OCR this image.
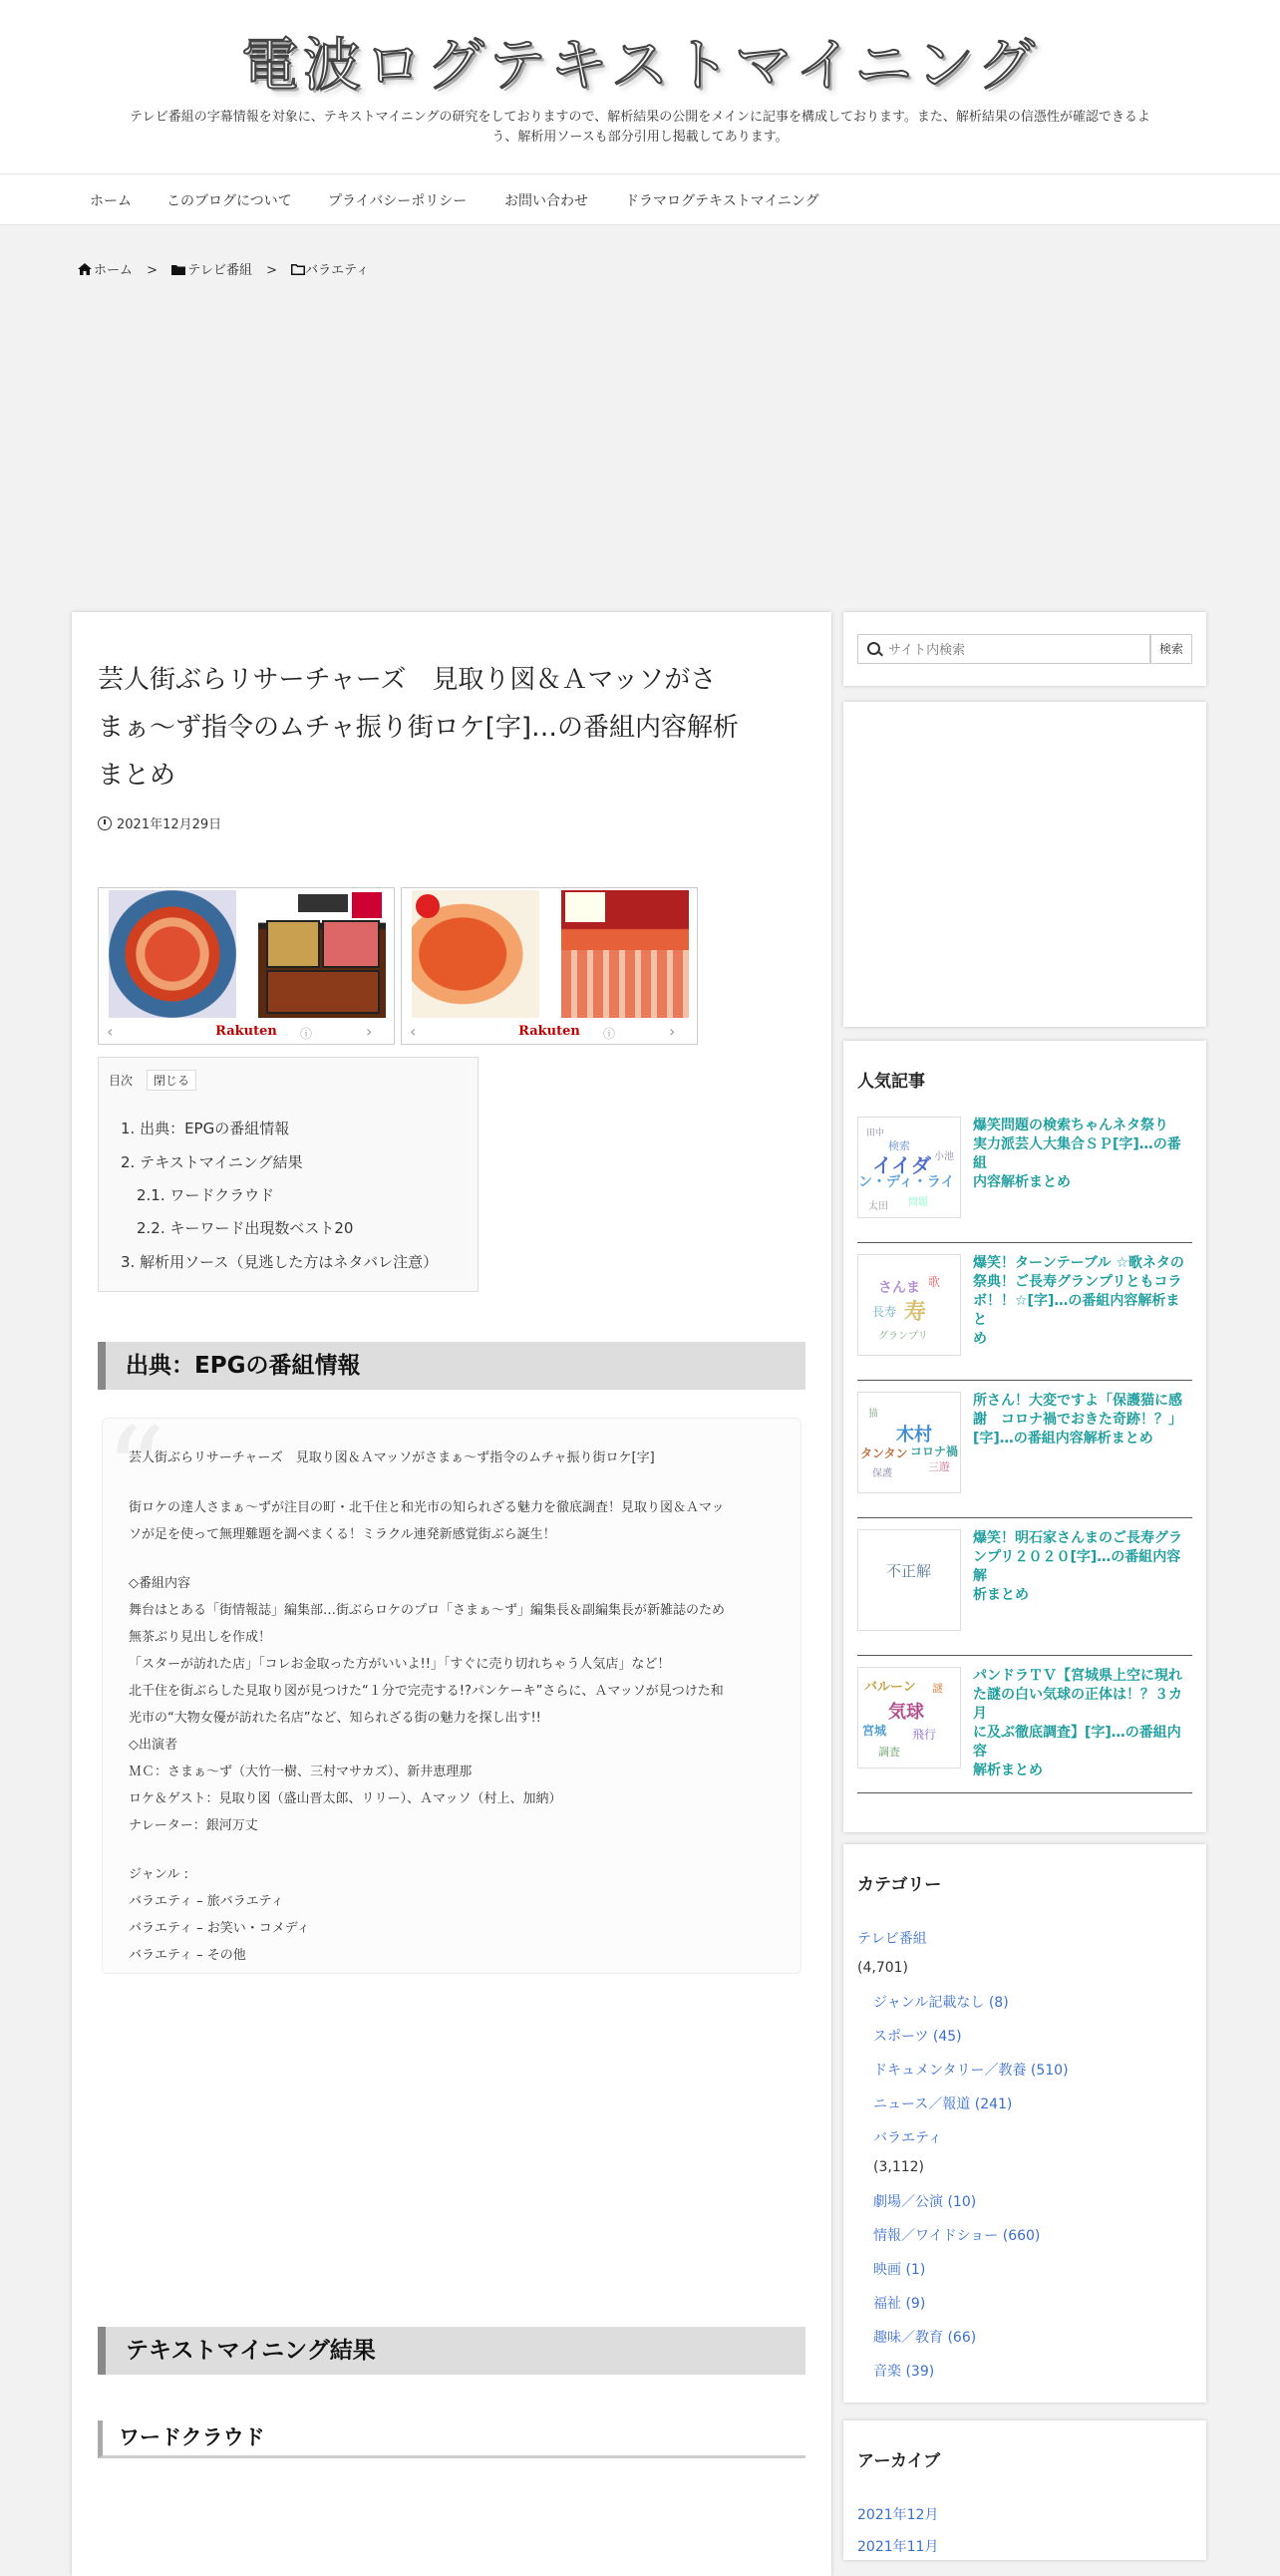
電波ログテキストマイニング
テレビ番組の字幕情報を対象に、テキストマイニングの研究をしておりますので、解析結果の公開をメインに記事を構成しております。また、解析結果の信憑性が確認できるよ
う、解析用ソースも部分引用し掲載してあります。
ホーム	このブログについて	プライバシーポリシー	お問い合わせ	ドラマログテキストマイニング
ホーム > テレビ番組 > バラエティ
芸人街ぶらリサーチャーズ　見取り図＆Ａマッソがさ
まぁ～ず指令のムチャ振り街ロケ[字]…の番組内容解析
まとめ
2021年12月29日
‹	Rakuten	ⓘ	› ‹	Rakuten	ⓘ	›
目次	閉じる
1. 出典：EPGの番組情報
2. テキストマイニング結果
2.1. ワードクラウド
2.2. キーワード出現数ベスト20
3. 解析用ソース（見逃した方はネタバレ注意）
出典：EPGの番組情報
“
芸人街ぶらリサーチャーズ　見取り図＆Ａマッソがさまぁ～ず指令のムチャ振り街ロケ[字]
街ロケの達人さまぁ～ずが注目の町・北千住と和光市の知られざる魅力を徹底調査！見取り図＆Ａマッ
ソが足を使って無理難題を調べまくる！ミラクル連発新感覚街ぶら誕生！
◇番組内容
舞台はとある「街情報誌」編集部…街ぶらロケのプロ「さまぁ～ず」編集長＆副編集長が新雑誌のため
無茶ぶり見出しを作成！
「スターが訪れた店」「コレお金取った方がいいよ!!」「すぐに売り切れちゃう人気店」など！
北千住を街ぶらした見取り図が見つけた“１分で完売する!?パンケーキ”さらに、Ａマッソが見つけた和
光市の“大物女優が訪れた名店”など、知られざる街の魅力を探し出す!!
◇出演者
ＭＣ：さまぁ～ず（大竹一樹、三村マサカズ）、新井恵理那
ロケ＆ゲスト：見取り図（盛山晋太郎、リリー）、Ａマッソ（村上、加納）
ナレーター：銀河万丈
ジャンル :
バラエティ – 旅バラエティ
バラエティ – お笑い・コメディ
バラエティ – その他
テキストマイニング結果
ワードクラウド
サイト内検索
検索
人気記事
田中
検索
イイダ
ン・ディ・ライ
小池
問題
太田
爆笑問題の検索ちゃんネタ祭り
実力派芸人大集合ＳＰ[字]…の番組
内容解析まとめ
さんま
寿
長寿
歌
グランプリ
爆笑！ターンテーブル ☆歌ネタの
祭典！ご長寿グランプリともコラ
ボ！！☆[字]…の番組内容解析まと
め
木村
タンタン コロナ禍
三遊
猫
保護
所さん！大変ですよ「保護猫に感
謝　コロナ禍でおきた奇跡！？」
[字]…の番組内容解析まとめ
不正解
爆笑！明石家さんまのご長寿グラ
ンプリ２０２０[字]…の番組内容解
析まとめ
バルーン
気球
宮城 飛行
調査
謎
パンドラＴＶ【宮城県上空に現れ
た謎の白い気球の正体は！？３カ月
に及ぶ徹底調査】[字]…の番組内容
解析まとめ
カテゴリー
テレビ番組
(4,701)
ジャンル記載なし (8)
スポーツ (45)
ドキュメンタリー／教養 (510)
ニュース／報道 (241)
バラエティ
(3,112)
劇場／公演 (10)
情報／ワイドショー (660)
映画 (1)
福祉 (9)
趣味／教育 (66)
音楽 (39)
アーカイブ
2021年12月
2021年11月
